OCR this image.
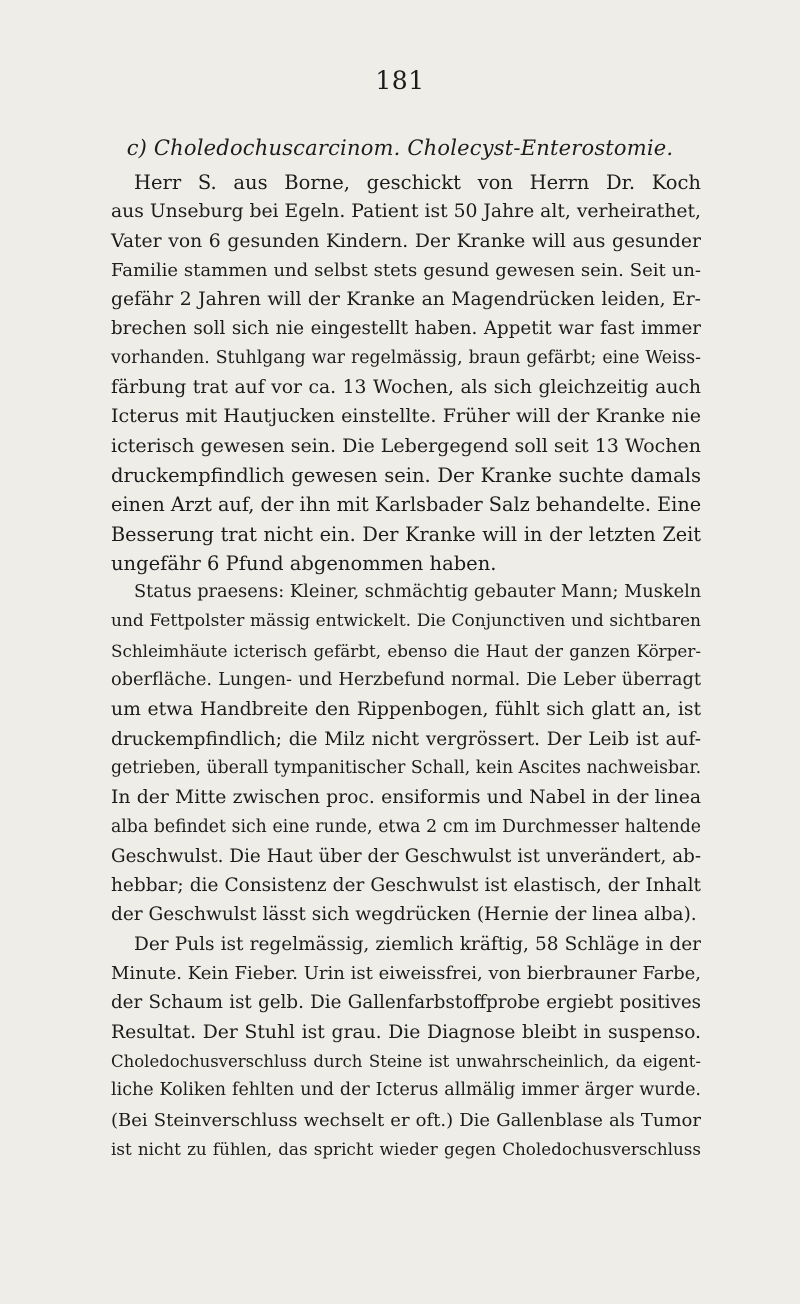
181
c) Choledochuscarcinom. Cholecyst-Enterostomie.
Herr S. aus Borne, geschickt von Herrn Dr. Koch
aus Unseburg bei Egeln. Patient ist 50 Jahre alt, verheirathet,
Vater von 6 gesunden Kindern. Der Kranke will aus gesunder
Familie stammen und selbst stets gesund gewesen sein. Seit un-
gefähr 2 Jahren will der Kranke an Magendrücken leiden, Er-
brechen soll sich nie eingestellt haben. Appetit war fast immer
vorhanden. Stuhlgang war regelmässig, braun gefärbt; eine Weiss-
färbung trat auf vor ca. 13 Wochen, als sich gleichzeitig auch
Icterus mit Hautjucken einstellte. Früher will der Kranke nie
icterisch gewesen sein. Die Lebergegend soll seit 13 Wochen
druckempfindlich gewesen sein. Der Kranke suchte damals
einen Arzt auf, der ihn mit Karlsbader Salz behandelte. Eine
Besserung trat nicht ein. Der Kranke will in der letzten Zeit
ungefähr 6 Pfund abgenommen haben.
Status praesens: Kleiner, schmächtig gebauter Mann; Muskeln
und Fettpolster mässig entwickelt. Die Conjunctiven und sichtbaren
Schleimhäute icterisch gefärbt, ebenso die Haut der ganzen Körper-
oberfläche. Lungen- und Herzbefund normal. Die Leber überragt
um etwa Handbreite den Rippenbogen, fühlt sich glatt an, ist
druckempfindlich; die Milz nicht vergrössert. Der Leib ist auf-
getrieben, überall tympanitischer Schall, kein Ascites nachweisbar.
In der Mitte zwischen proc. ensiformis und Nabel in der linea
alba befindet sich eine runde, etwa 2 cm im Durchmesser haltende
Geschwulst. Die Haut über der Geschwulst ist unverändert, ab-
hebbar; die Consistenz der Geschwulst ist elastisch, der Inhalt
der Geschwulst lässt sich wegdrücken (Hernie der linea alba).
Der Puls ist regelmässig, ziemlich kräftig, 58 Schläge in der
Minute. Kein Fieber. Urin ist eiweissfrei, von bierbrauner Farbe,
der Schaum ist gelb. Die Gallenfarbstoffprobe ergiebt positives
Resultat. Der Stuhl ist grau. Die Diagnose bleibt in suspenso.
Choledochusverschluss durch Steine ist unwahrscheinlich, da eigent-
liche Koliken fehlten und der Icterus allmälig immer ärger wurde.
(Bei Steinverschluss wechselt er oft.) Die Gallenblase als Tumor
ist nicht zu fühlen, das spricht wieder gegen Choledochusverschluss
